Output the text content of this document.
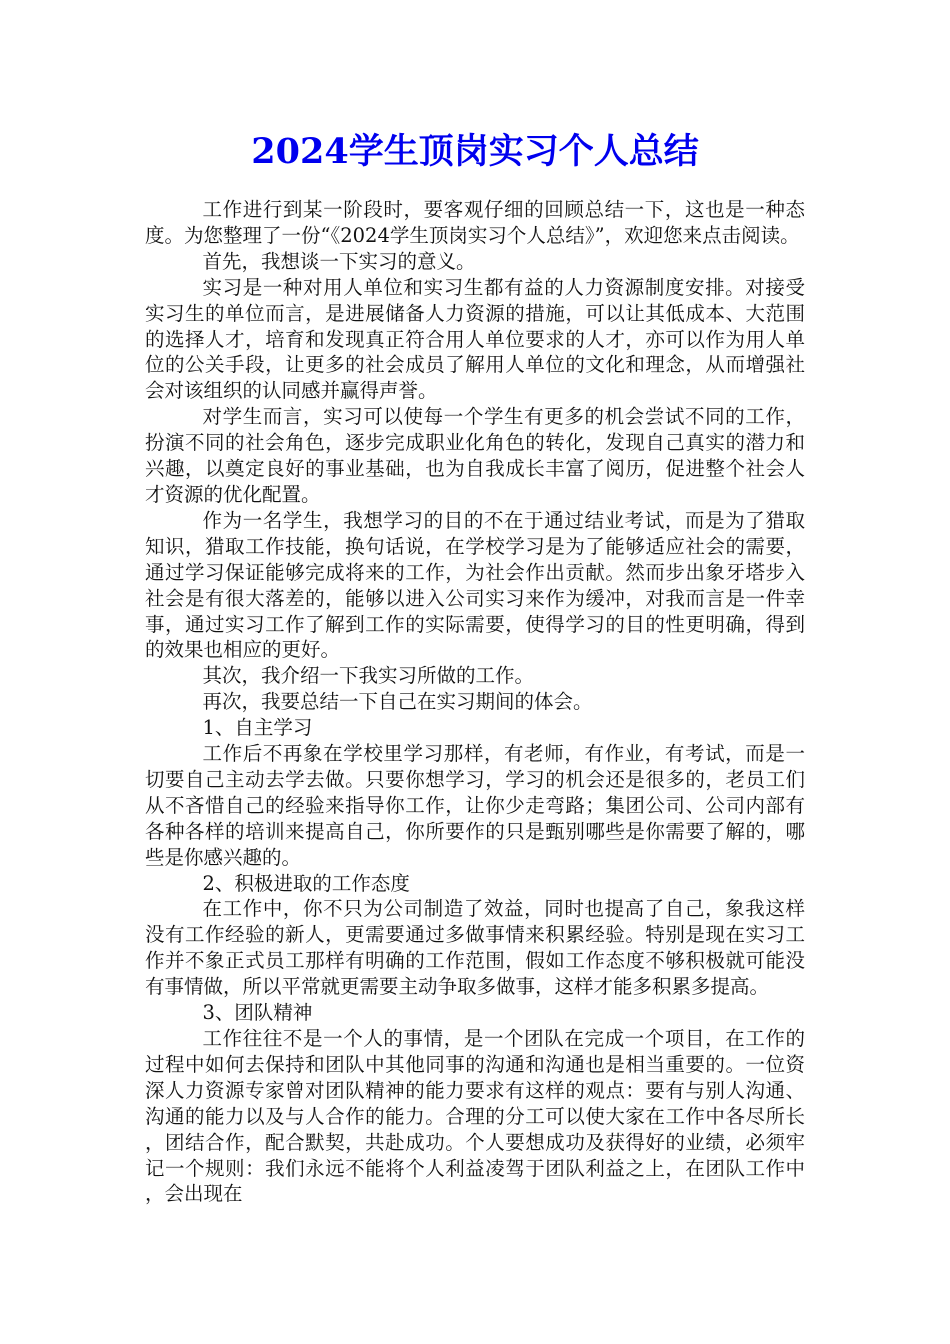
2024学生顶岗实习个人总结

工作进行到某一阶段时，要客观仔细的回顾总结一下，这也是一种态度。为您整理了一份“《2024学生顶岗实习个人总结》”，欢迎您来点击阅读。

首先，我想谈一下实习的意义。

实习是一种对用人单位和实习生都有益的人力资源制度安排。对接受实习生的单位而言，是进展储备人力资源的措施，可以让其低成本、大范围的选择人才，培育和发现真正符合用人单位要求的人才，亦可以作为用人单位的公关手段，让更多的社会成员了解用人单位的文化和理念，从而增强社会对该组织的认同感并赢得声誉。

对学生而言，实习可以使每一个学生有更多的机会尝试不同的工作，扮演不同的社会角色，逐步完成职业化角色的转化，发现自己真实的潜力和兴趣，以奠定良好的事业基础，也为自我成长丰富了阅历，促进整个社会人才资源的优化配置。

作为一名学生，我想学习的目的不在于通过结业考试，而是为了猎取知识，猎取工作技能，换句话说，在学校学习是为了能够适应社会的需要，通过学习保证能够完成将来的工作，为社会作出贡献。然而步出象牙塔步入社会是有很大落差的，能够以进入公司实习来作为缓冲，对我而言是一件幸事，通过实习工作了解到工作的实际需要，使得学习的目的性更明确，得到的效果也相应的更好。

其次，我介绍一下我实习所做的工作。

再次，我要总结一下自己在实习期间的体会。

1、自主学习

工作后不再象在学校里学习那样，有老师，有作业，有考试，而是一切要自己主动去学去做。只要你想学习，学习的机会还是很多的，老员工们从不吝惜自己的经验来指导你工作，让你少走弯路；集团公司、公司内部有各种各样的培训来提高自己，你所要作的只是甄别哪些是你需要了解的，哪些是你感兴趣的。

2、积极进取的工作态度

在工作中，你不只为公司制造了效益，同时也提高了自己，象我这样没有工作经验的新人，更需要通过多做事情来积累经验。特别是现在实习工作并不象正式员工那样有明确的工作范围，假如工作态度不够积极就可能没有事情做，所以平常就更需要主动争取多做事，这样才能多积累多提高。

3、团队精神

工作往往不是一个人的事情，是一个团队在完成一个项目，在工作的过程中如何去保持和团队中其他同事的沟通和沟通也是相当重要的。一位资深人力资源专家曾对团队精神的能力要求有这样的观点：要有与别人沟通、沟通的能力以及与人合作的能力。合理的分工可以使大家在工作中各尽所长，团结合作，配合默契，共赴成功。个人要想成功及获得好的业绩，必须牢记一个规则：我们永远不能将个人利益凌驾于团队利益之上，在团队工作中，会出现在
